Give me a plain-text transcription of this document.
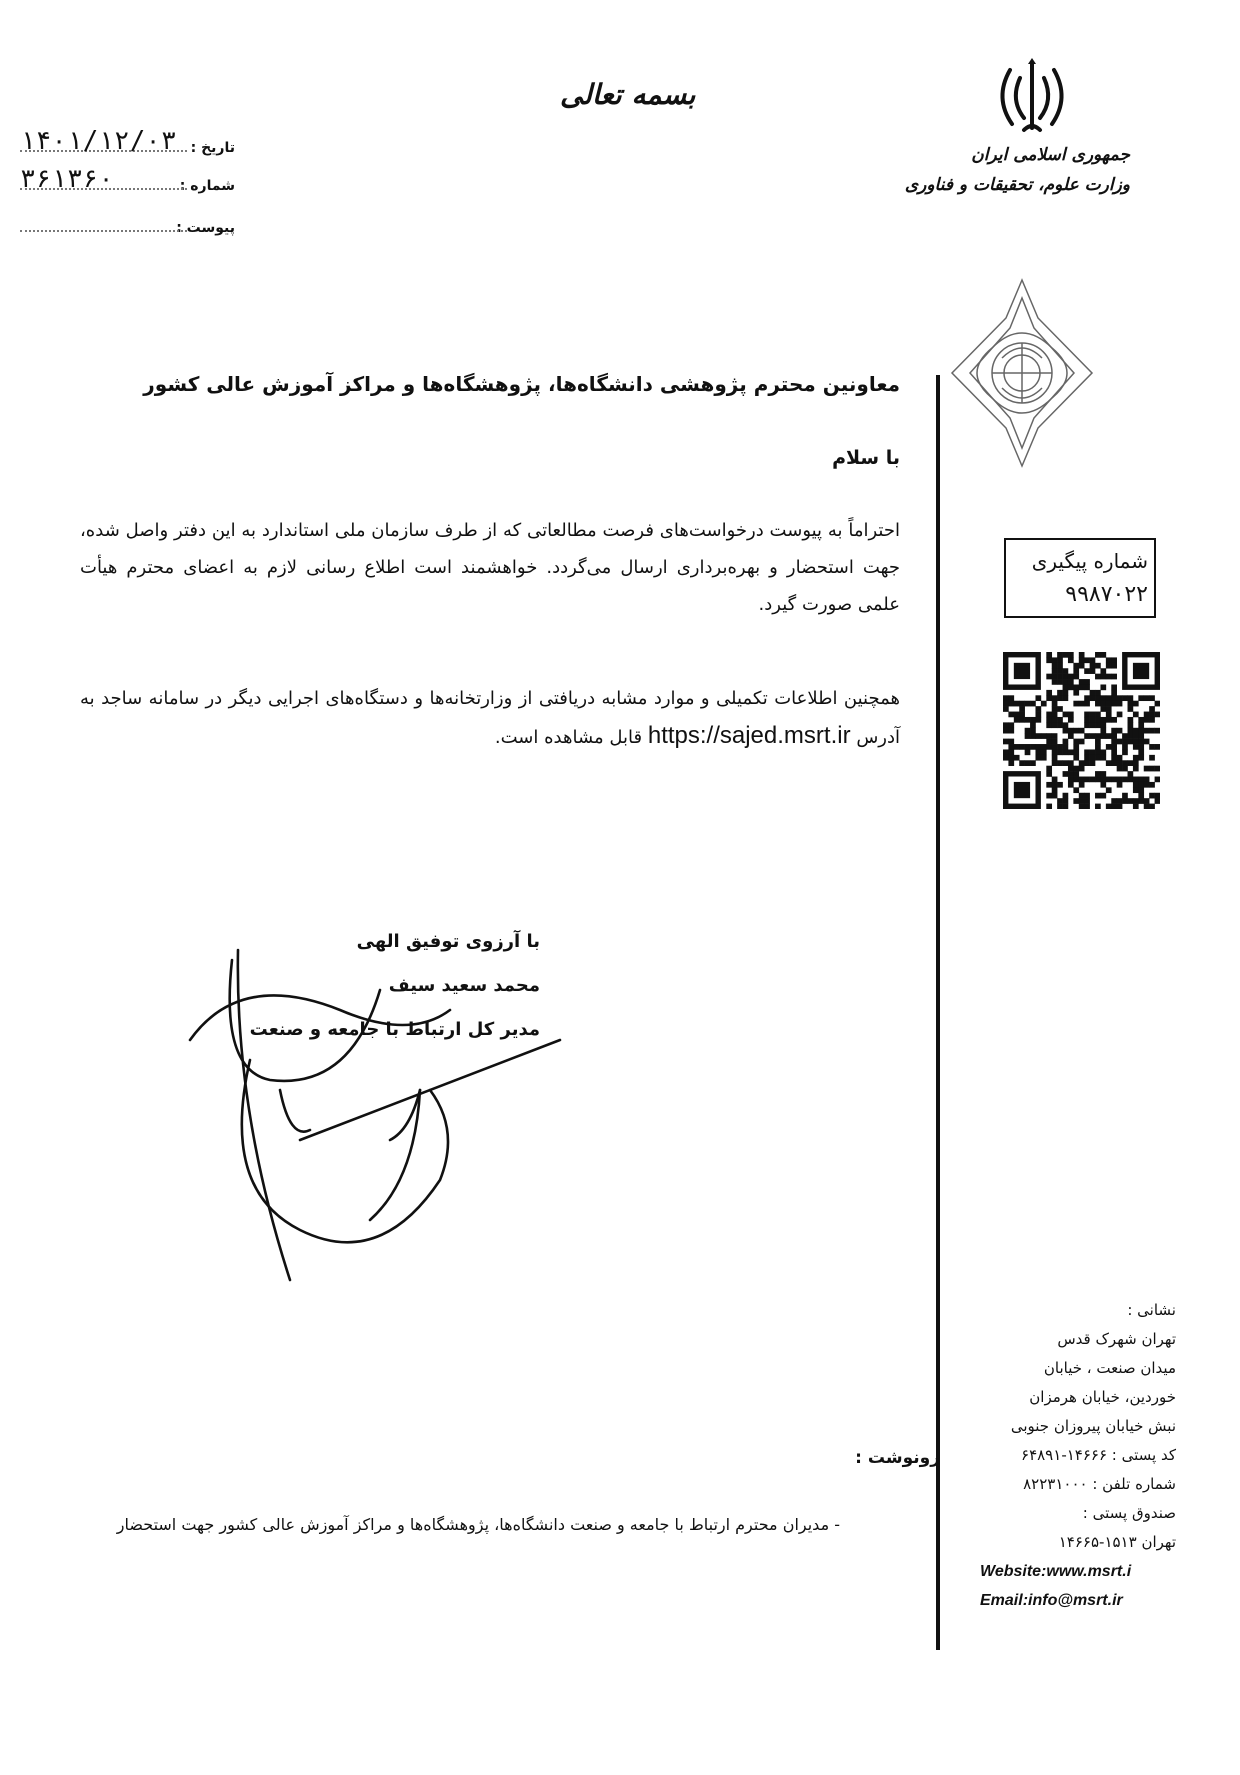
بسمه تعالی
تاریخ :
۱۴۰۱/۱۲/۰۳
شماره :
۳۶۱۳۶۰
پیوست :
جمهوری اسلامی ایران
وزارت علوم، تحقیقات و فناوری
معاونین محترم پژوهشی دانشگاه‌ها، پژوهشگاه‌ها و مراکز آموزش عالی کشور
با سلام

احتراماً به پیوست درخواست‌های فرصت مطالعاتی که از طرف سازمان ملی استاندارد به این دفتر واصل شده، جهت استحضار و بهره‌برداری ارسال می‌گردد. خواهشمند است اطلاع رسانی لازم به اعضای محترم هیأت علمی صورت گیرد.

همچنین اطلاعات تکمیلی و موارد مشابه دریافتی از وزارتخانه‌ها و دستگاه‌های اجرایی دیگر در سامانه ساجد به آدرس https://sajed.msrt.ir قابل مشاهده است.

با آرزوی توفیق الهی
محمد سعید سیف
مدیر کل ارتباط با جامعه و صنعت
شماره پیگیری
۹۹۸۷۰۲۲
نشانی :
تهران شهرک قدس
میدان صنعت ، خیابان
خوردین، خیابان هرمزان
نبش خیابان پیروزان جنوبی
کد پستی : ۱۴۶۶۶-۶۴۸۹۱
شماره تلفن : ۸۲۲۳۱۰۰۰
صندوق پستی :
تهران ۱۵۱۳-۱۴۶۶۵
Website:www.msrt.i
Email:info@msrt.ir
رونوشت :
- مدیران محترم ارتباط با جامعه و صنعت دانشگاه‌ها، پژوهشگاه‌ها و مراکز آموزش عالی کشور جهت استحضار
